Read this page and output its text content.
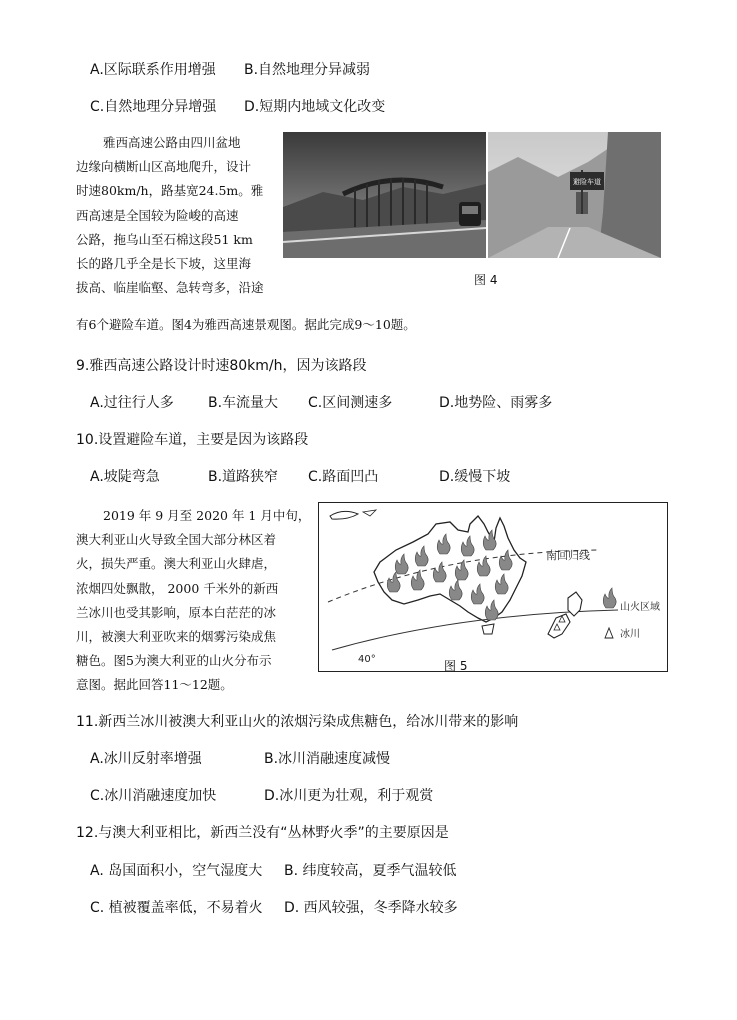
A.区际联系作用增强 B.自然地理分异减弱
C.自然地理分异增强 D.短期内地域文化改变
雅西高速公路由四川盆地
边缘向横断山区高地爬升，设计
时速80km/h，路基宽24.5m。雅
西高速是全国较为险峻的高速
公路，拖乌山至石棉这段51 km
长的路几乎全是长下坡，这里海
拔高、临崖临壑、急转弯多，沿途
有6个避险车道。图4为雅西高速景观图。据此完成9～10题。
避险车道
图 4
9.雅西高速公路设计时速80km/h，因为该路段
A.过往行人多 B.车流量大 C.区间测速多	D.地势险、雨雾多
10.设置避险车道，主要是因为该路段
A.坡陡弯急	B.道路狭窄 C.路面凹凸	D.缓慢下坡
2019 年 9 月至 2020 年 1 月中旬，
澳大利亚山火导致全国大部分林区着
火，损失严重。澳大利亚山火肆虐，
浓烟四处飘散， 2000 千米外的新西
兰冰川也受其影响，原本白茫茫的冰
川，被澳大利亚吹来的烟雾污染成焦
糖色。图5为澳大利亚的山火分布示
意图。据此回答11～12题。
南回归线
40°
山火区域
冰川
图 5
11.新西兰冰川被澳大利亚山火的浓烟污染成焦糖色，给冰川带来的影响
A.冰川反射率增强	B.冰川消融速度减慢
C.冰川消融速度加快	D.冰川更为壮观，利于观赏
12.与澳大利亚相比，新西兰没有“丛林野火季”的主要原因是
A. 岛国面积小，空气湿度大 B. 纬度较高，夏季气温较低
C. 植被覆盖率低，不易着火 D. 西风较强，冬季降水较多
